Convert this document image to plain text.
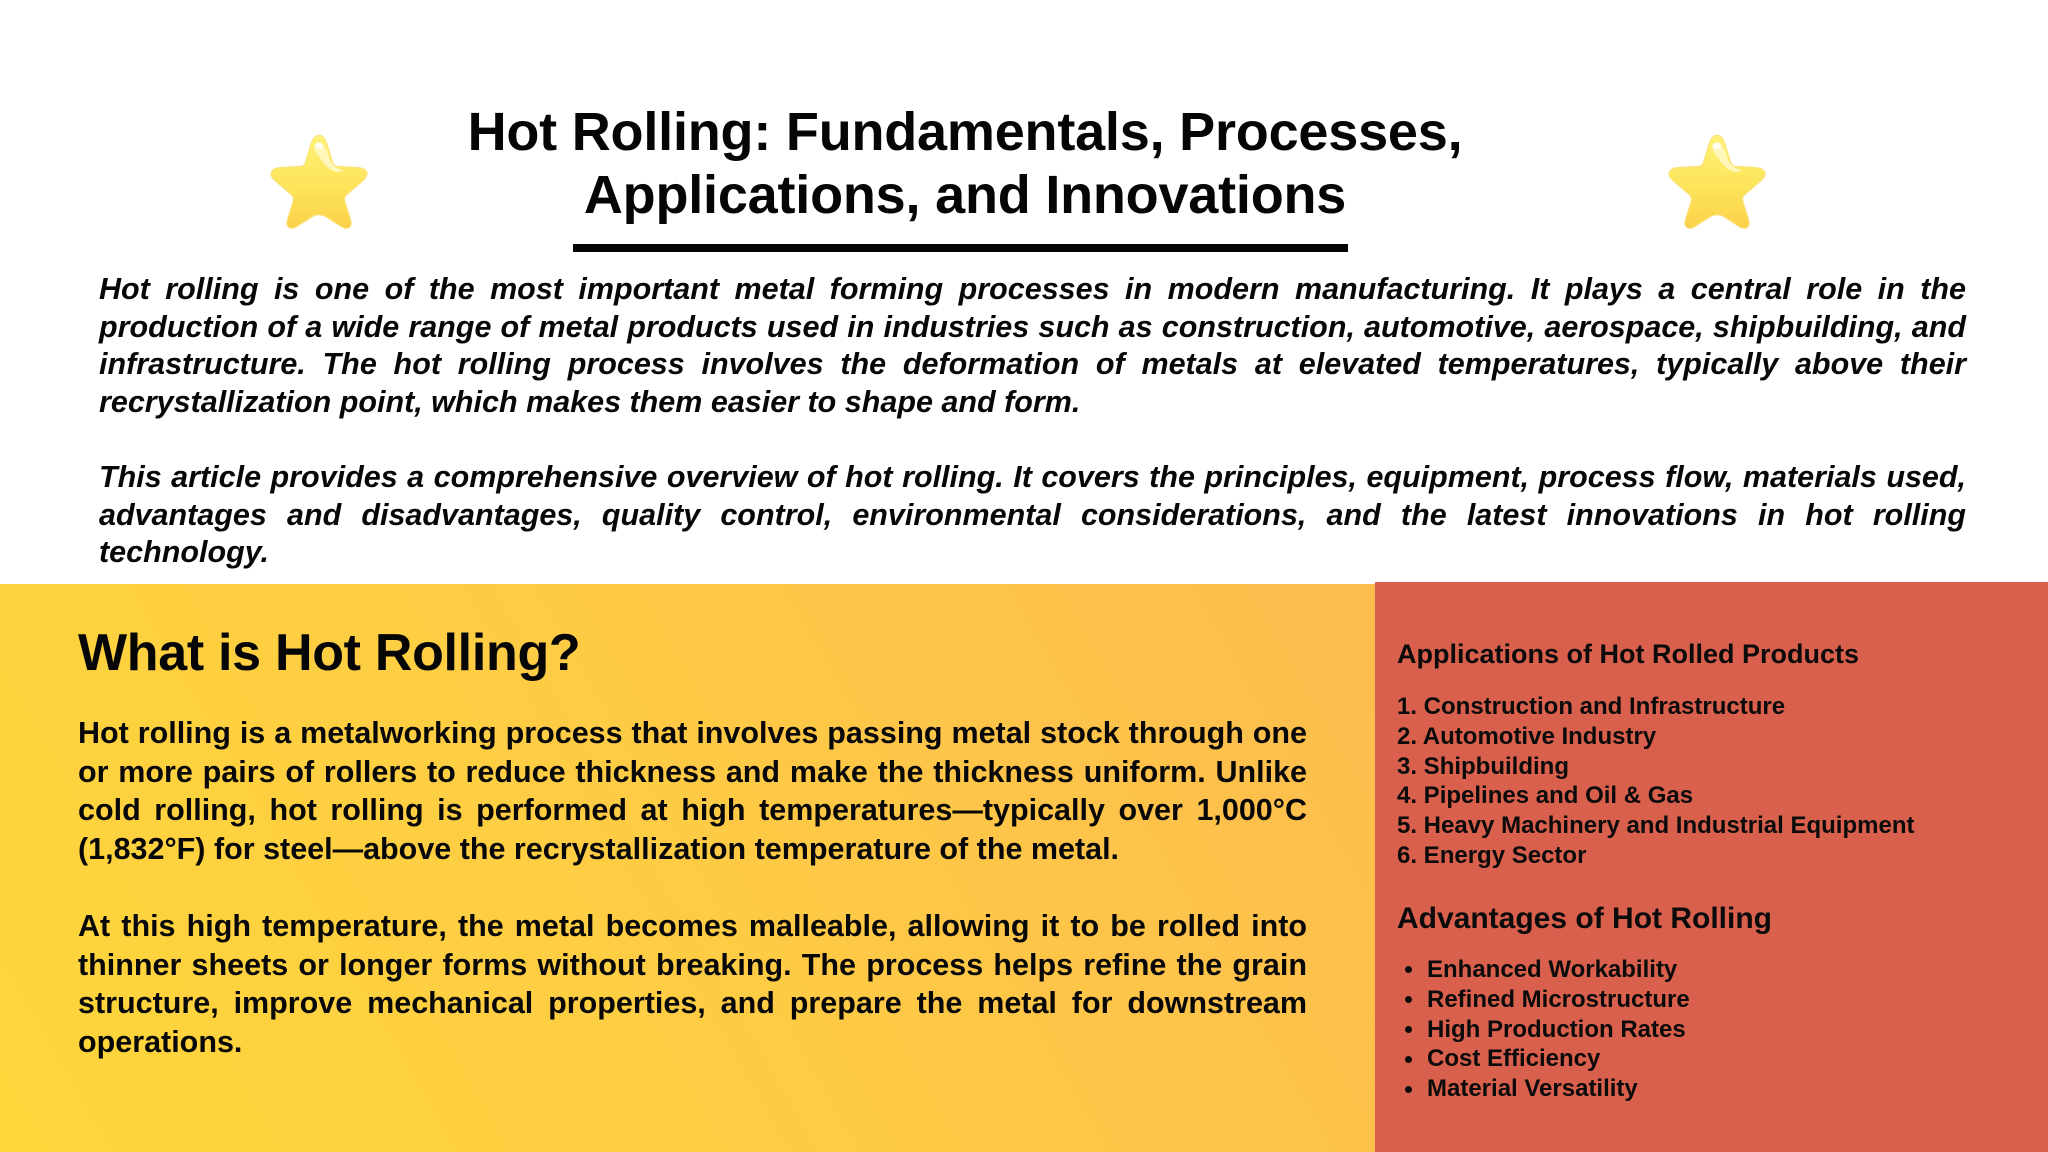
Hot Rolling: Fundamentals, Processes,
Applications, and Innovations

Hot rolling is one of the most important metal forming processes in modern manufacturing. It plays a central role in the production of a wide range of metal products used in industries such as construction, automotive, aerospace, shipbuilding, and infrastructure. The hot rolling process involves the deformation of metals at elevated temperatures, typically above their recrystallization point, which makes them easier to shape and form.

This article provides a comprehensive overview of hot rolling. It covers the principles, equipment, process flow, materials used, advantages and disadvantages, quality control, environmental considerations, and the latest innovations in hot rolling technology.

What is Hot Rolling?

Hot rolling is a metalworking process that involves passing metal stock through one or more pairs of rollers to reduce thickness and make the thickness uniform. Unlike cold rolling, hot rolling is performed at high temperatures—typically over 1,000°C (1,832°F) for steel—above the recrystallization temperature of the metal.

At this high temperature, the metal becomes malleable, allowing it to be rolled into thinner sheets or longer forms without breaking. The process helps refine the grain structure, improve mechanical properties, and prepare the metal for downstream operations.

Applications of Hot Rolled Products
1. Construction and Infrastructure
2. Automotive Industry
3. Shipbuilding
4. Pipelines and Oil & Gas
5. Heavy Machinery and Industrial Equipment
6. Energy Sector
Advantages of Hot Rolling
Enhanced Workability
Refined Microstructure
High Production Rates
Cost Efficiency
Material Versatility
